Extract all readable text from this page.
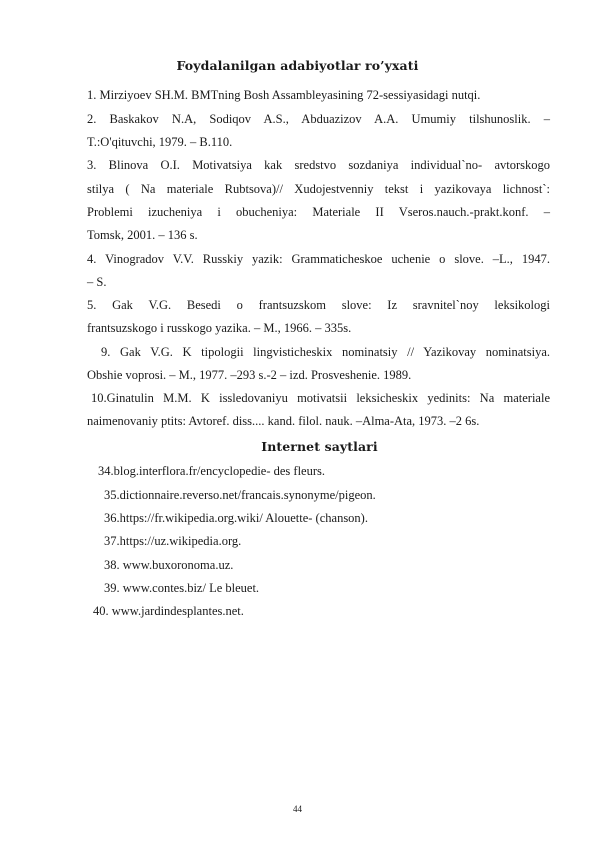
Foydalanilgan adabiyotlar ro’yxati
1. Mirziyoev SH.M. BMTning Bosh Assambleyasining 72-sessiyasidagi nutqi.
2. Baskakov N.A, Sodiqov A.S., Abduazizov A.A. Umumiy tilshunoslik. –
T.:O'qituvchi, 1979. – B.110.
3. Blinova O.I. Motivatsiya kak sredstvo sozdaniya individual`no- avtorskogo
stilya ( Na materiale Rubtsova)// Xudojestvenniy tekst i yazikovaya lichnost`:
Problemi izucheniya i obucheniya: Materiale II Vseros.nauch.-prakt.konf. –
Tomsk, 2001. – 136 s.
4. Vinogradov V.V. Russkiy yazik: Grammaticheskoe uchenie o slove. –L., 1947.
– S.
5. Gak V.G. Besedi o frantsuzskom slove: Iz sravnitel`noy leksikologi
frantsuzskogo i russkogo yazika. – M., 1966. – 335s.
9. Gak V.G. K tipologii lingvisticheskix nominatsiy // Yazikovay nominatsiya.
Obshie voprosi. – M., 1977. –293 s.-2 – izd. Prosveshenie. 1989.
10.Ginatulin M.M. K issledovaniyu motivatsii leksicheskix yedinits: Na materiale
naimenovaniy ptits: Avtoref. diss.... kand. filol. nauk. –Alma-Ata, 1973. –2 6s.
Internet saytlari
34.blog.interflora.fr/encyclopedie- des fleurs.
35.dictionnaire.reverso.net/francais.synonyme/pigeon.
36.https://fr.wikipedia.org.wiki/ Alouette- (chanson).
37.https://uz.wikipedia.org.
38. www.buxoronoma.uz.
39. www.contes.biz/ Le bleuet.
40. www.jardindesplantes.net.
44
